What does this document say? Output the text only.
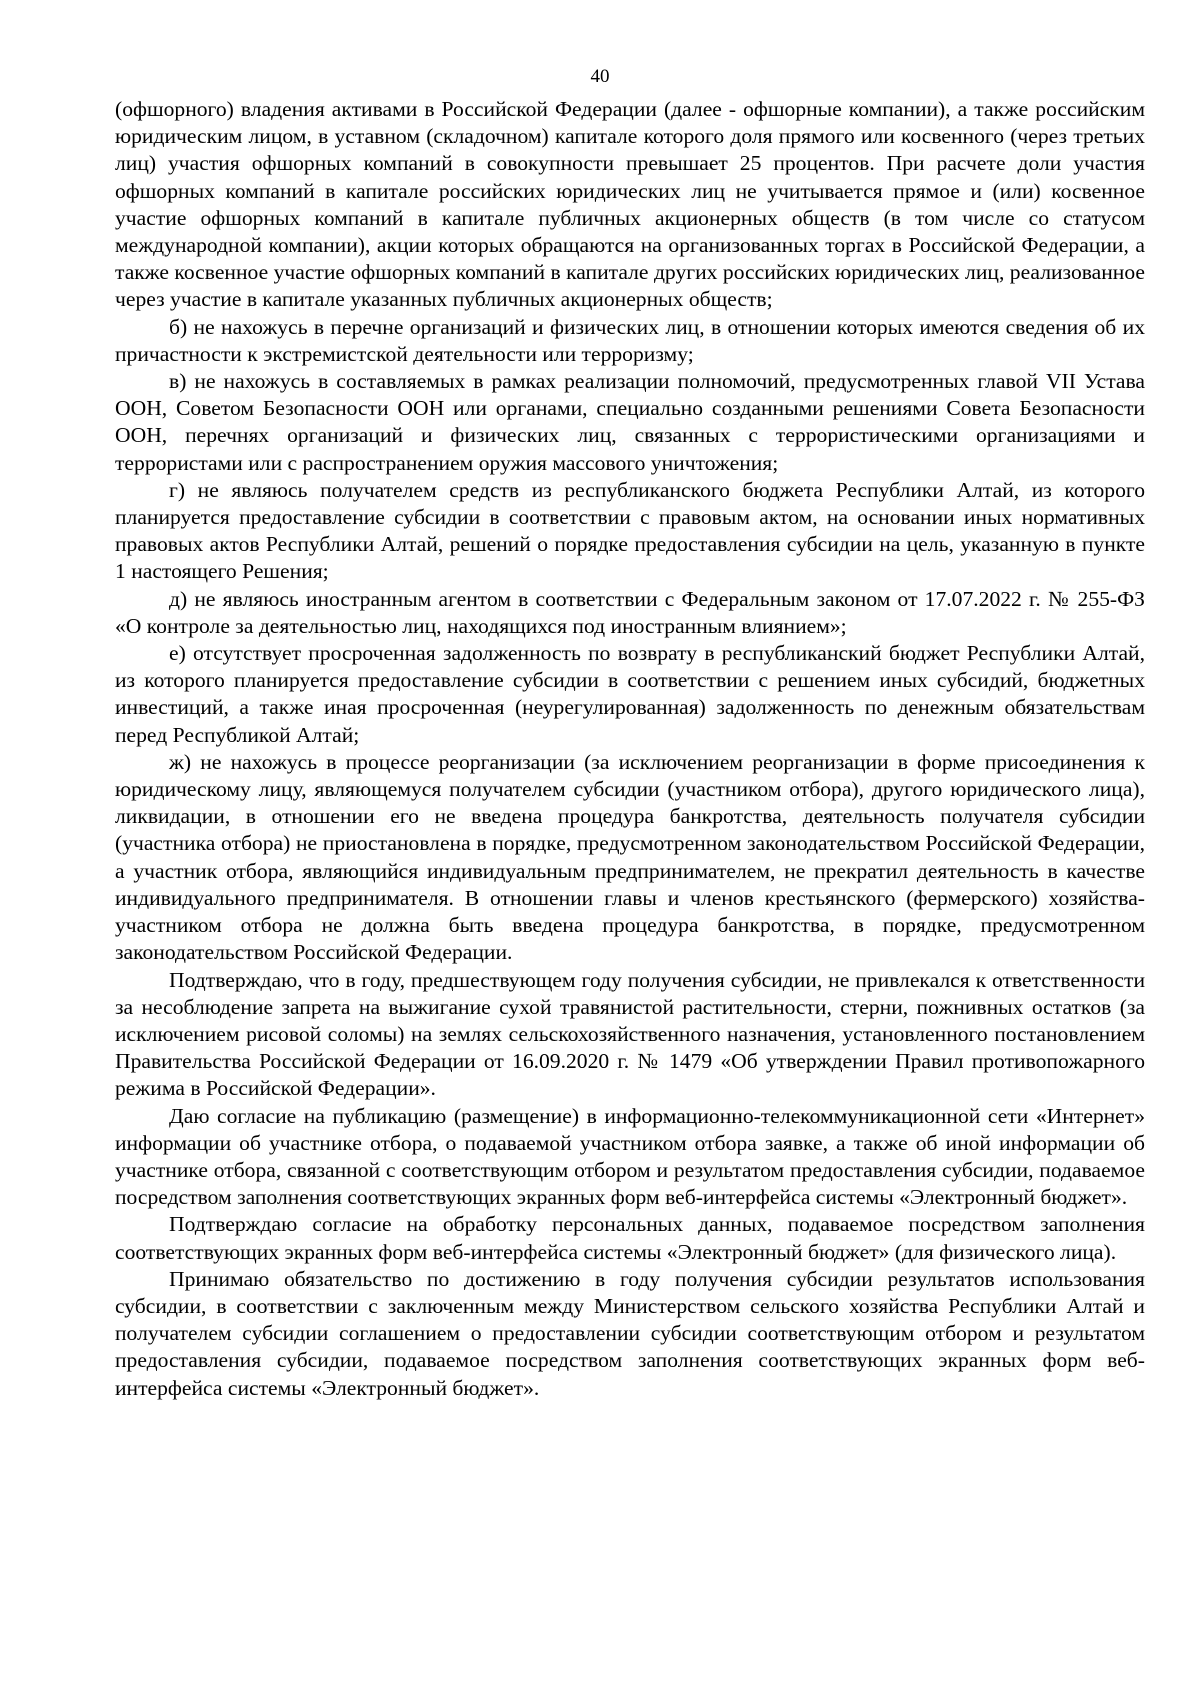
40

(офшорного) владения активами в Российской Федерации (далее - офшорные компании), а также российским юридическим лицом, в уставном (складочном) капитале которого доля прямого или косвенного (через третьих лиц) участия офшорных компаний в совокупности превышает 25 процентов. При расчете доли участия офшорных компаний в капитале российских юридических лиц не учитывается прямое и (или) косвенное участие офшорных компаний в капитале публичных акционерных обществ (в том числе со статусом международной компании), акции которых обращаются на организованных торгах в Российской Федерации, а также косвенное участие офшорных компаний в капитале других российских юридических лиц, реализованное через участие в капитале указанных публичных акционерных обществ;

б) не нахожусь в перечне организаций и физических лиц, в отношении которых имеются сведения об их причастности к экстремистской деятельности или терроризму;

в) не нахожусь в составляемых в рамках реализации полномочий, предусмотренных главой VII Устава ООН, Советом Безопасности ООН или органами, специально созданными решениями Совета Безопасности ООН, перечнях организаций и физических лиц, связанных с террористическими организациями и террористами или с распространением оружия массового уничтожения;

г) не являюсь получателем средств из республиканского бюджета Республики Алтай, из которого планируется предоставление субсидии в соответствии с правовым актом, на основании иных нормативных правовых актов Республики Алтай, решений о порядке предоставления субсидии на цель, указанную в пункте 1 настоящего Решения;

д) не являюсь иностранным агентом в соответствии с Федеральным законом от 17.07.2022 г. № 255-ФЗ «О контроле за деятельностью лиц, находящихся под иностранным влиянием»;

е) отсутствует просроченная задолженность по возврату в республиканский бюджет Республики Алтай, из которого планируется предоставление субсидии в соответствии с решением иных субсидий, бюджетных инвестиций, а также иная просроченная (неурегулированная) задолженность по денежным обязательствам перед Республикой Алтай;

ж) не нахожусь в процессе реорганизации (за исключением реорганизации в форме присоединения к юридическому лицу, являющемуся получателем субсидии (участником отбора), другого юридического лица), ликвидации, в отношении его не введена процедура банкротства, деятельность получателя субсидии (участника отбора) не приостановлена в порядке, предусмотренном законодательством Российской Федерации, а участник отбора, являющийся индивидуальным предпринимателем, не прекратил деятельность в качестве индивидуального предпринимателя. В отношении главы и членов крестьянского (фермерского) хозяйства-участником отбора не должна быть введена процедура банкротства, в порядке, предусмотренном законодательством Российской Федерации.

Подтверждаю, что в году, предшествующем году получения субсидии, не привлекался к ответственности за несоблюдение запрета на выжигание сухой травянистой растительности, стерни, пожнивных остатков (за исключением рисовой соломы) на землях сельскохозяйственного назначения, установленного постановлением Правительства Российской Федерации от 16.09.2020 г. № 1479 «Об утверждении Правил противопожарного режима в Российской Федерации».

Даю согласие на публикацию (размещение) в информационно-телекоммуникационной сети «Интернет» информации об участнике отбора, о подаваемой участником отбора заявке, а также об иной информации об участнике отбора, связанной с соответствующим отбором и результатом предоставления субсидии, подаваемое посредством заполнения соответствующих экранных форм веб-интерфейса системы «Электронный бюджет».

Подтверждаю согласие на обработку персональных данных, подаваемое посредством заполнения соответствующих экранных форм веб-интерфейса системы «Электронный бюджет» (для физического лица).

Принимаю обязательство по достижению в году получения субсидии результатов использования субсидии, в соответствии с заключенным между Министерством сельского хозяйства Республики Алтай и получателем субсидии соглашением о предоставлении субсидии соответствующим отбором и результатом предоставления субсидии, подаваемое посредством заполнения соответствующих экранных форм веб-интерфейса системы «Электронный бюджет».
